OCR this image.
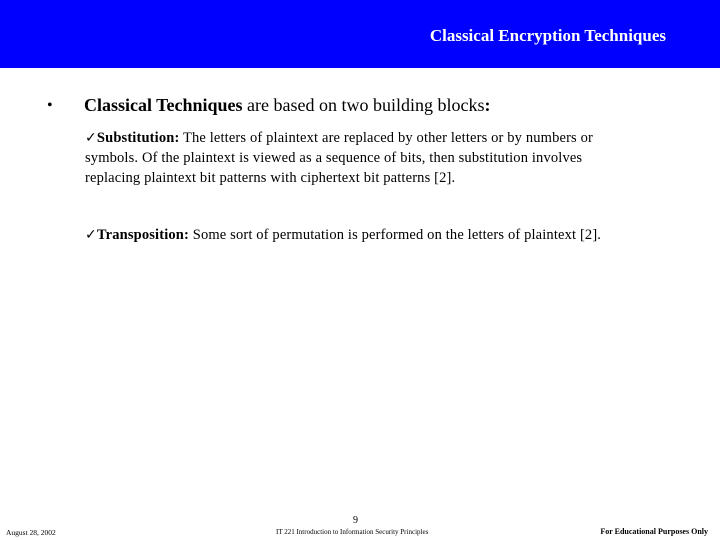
Classical Encryption Techniques
• Classical Techniques are based on two building blocks:
✓Substitution: The letters of plaintext are replaced by other letters or by numbers or symbols. Of the plaintext is viewed as a sequence of bits, then substitution involves replacing plaintext bit patterns with ciphertext bit patterns [2].
✓Transposition: Some sort of permutation is performed on the letters of plaintext [2].
9
August 28, 2002	IT 221 Introduction to Information Security Principles	For Educational Purposes Only
